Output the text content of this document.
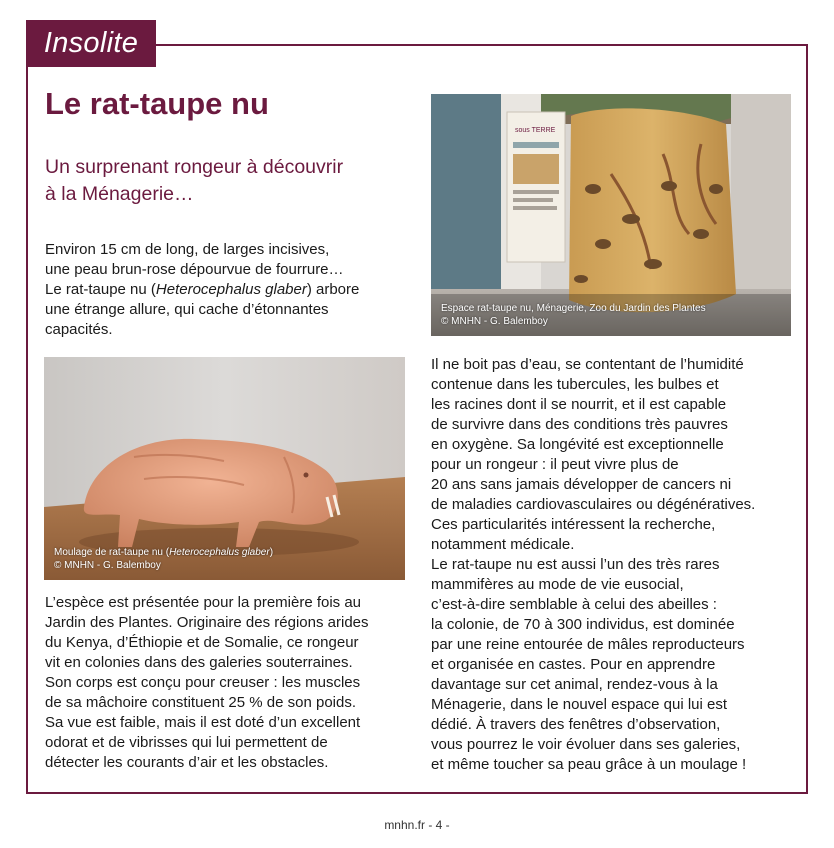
Insolite
Le rat-taupe nu
Un surprenant rongeur à découvrir
à la Ménagerie…
Environ 15 cm de long, de larges incisives,
une peau brun-rose dépourvue de fourrure…
Le rat-taupe nu (Heterocephalus glaber) arbore
une étrange allure, qui cache d’étonnantes
capacités.
Moulage de rat-taupe nu (Heterocephalus glaber)
© MNHN - G. Balemboy
sous TERRE
Espace rat-taupe nu, Ménagerie, Zoo du Jardin des Plantes
© MNHN - G. Balemboy
L’espèce est présentée pour la première fois au
Jardin des Plantes. Originaire des régions arides
du Kenya, d’Éthiopie et de Somalie, ce rongeur
vit en colonies dans des galeries souterraines.
Son corps est conçu pour creuser : les muscles
de sa mâchoire constituent 25 % de son poids.
Sa vue est faible, mais il est doté d’un excellent
odorat et de vibrisses qui lui permettent de
détecter les courants d’air et les obstacles.
Il ne boit pas d’eau, se contentant de l’humidité
contenue dans les tubercules, les bulbes et
les racines dont il se nourrit, et il est capable
de survivre dans des conditions très pauvres
en oxygène. Sa longévité est exceptionnelle
pour un rongeur : il peut vivre plus de
20 ans sans jamais développer de cancers ni
de maladies cardiovasculaires ou dégénératives.
Ces particularités intéressent la recherche,
notamment médicale.
Le rat-taupe nu est aussi l’un des très rares
mammifères au mode de vie eusocial,
c’est-à-dire semblable à celui des abeilles :
la colonie, de 70 à 300 individus, est dominée
par une reine entourée de mâles reproducteurs
et organisée en castes. Pour en apprendre
davantage sur cet animal, rendez-vous à la
Ménagerie, dans le nouvel espace qui lui est
dédié. À travers des fenêtres d’observation,
vous pourrez le voir évoluer dans ses galeries,
et même toucher sa peau grâce à un moulage !
mnhn.fr - 4 -
